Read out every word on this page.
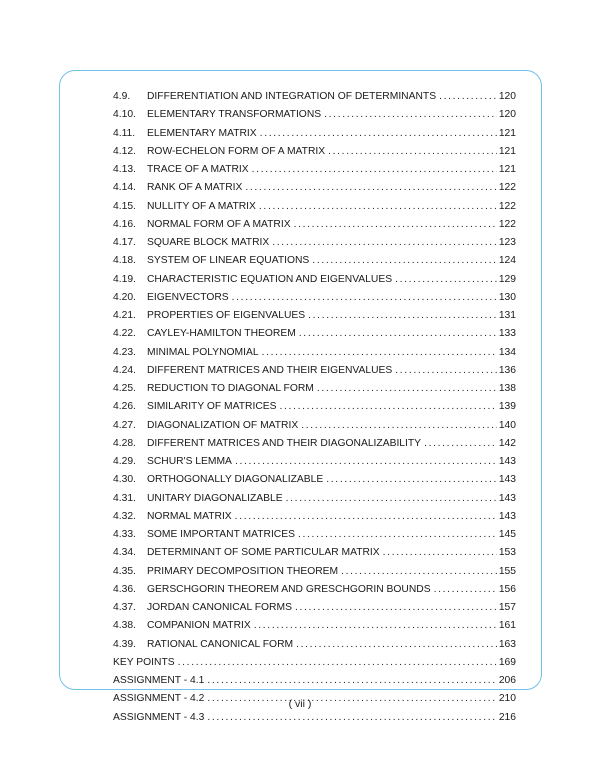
4.9.	DIFFERENTIATION AND INTEGRATION OF DETERMINANTS . . .	120
4.10.	ELEMENTARY TRANSFORMATIONS . . .	120
4.11.	ELEMENTARY MATRIX . . .	121
4.12.	ROW-ECHELON FORM OF A MATRIX . . .	121
4.13.	TRACE OF A MATRIX . . .	121
4.14.	RANK OF A MATRIX . . .	122
4.15.	NULLITY OF A MATRIX . . .	122
4.16.	NORMAL FORM OF A MATRIX . . .	122
4.17.	SQUARE BLOCK MATRIX . . .	123
4.18.	SYSTEM OF LINEAR EQUATIONS . . .	124
4.19.	CHARACTERISTIC EQUATION AND EIGENVALUES . . .	129
4.20.	EIGENVECTORS . . .	130
4.21.	PROPERTIES OF EIGENVALUES . . .	131
4.22.	CAYLEY-HAMILTON THEOREM . . .	133
4.23.	MINIMAL POLYNOMIAL . . .	134
4.24.	DIFFERENT MATRICES AND THEIR EIGENVALUES . . .	136
4.25.	REDUCTION TO DIAGONAL FORM . . .	138
4.26.	SIMILARITY OF MATRICES . . .	139
4.27.	DIAGONALIZATION OF MATRIX . . .	140
4.28.	DIFFERENT MATRICES AND THEIR DIAGONALIZABILITY . . .	142
4.29.	SCHUR'S LEMMA . . .	143
4.30.	ORTHOGONALLY DIAGONALIZABLE . . .	143
4.31.	UNITARY DIAGONALIZABLE . . .	143
4.32.	NORMAL MATRIX . . .	143
4.33.	SOME IMPORTANT MATRICES . . .	145
4.34.	DETERMINANT OF SOME PARTICULAR MATRIX . . .	153
4.35.	PRIMARY DECOMPOSITION THEOREM . . .	155
4.36.	GERSCHGORIN THEOREM AND GRESCHGORIN BOUNDS . . .	156
4.37.	JORDAN CANONICAL FORMS . . .	157
4.38.	COMPANION MATRIX . . .	161
4.39.	RATIONAL CANONICAL FORM . . .	163
KEY POINTS . . .	169
ASSIGNMENT - 4.1 . . .	206
ASSIGNMENT - 4.2 . . .	210
ASSIGNMENT - 4.3 . . .	216
( vii )
